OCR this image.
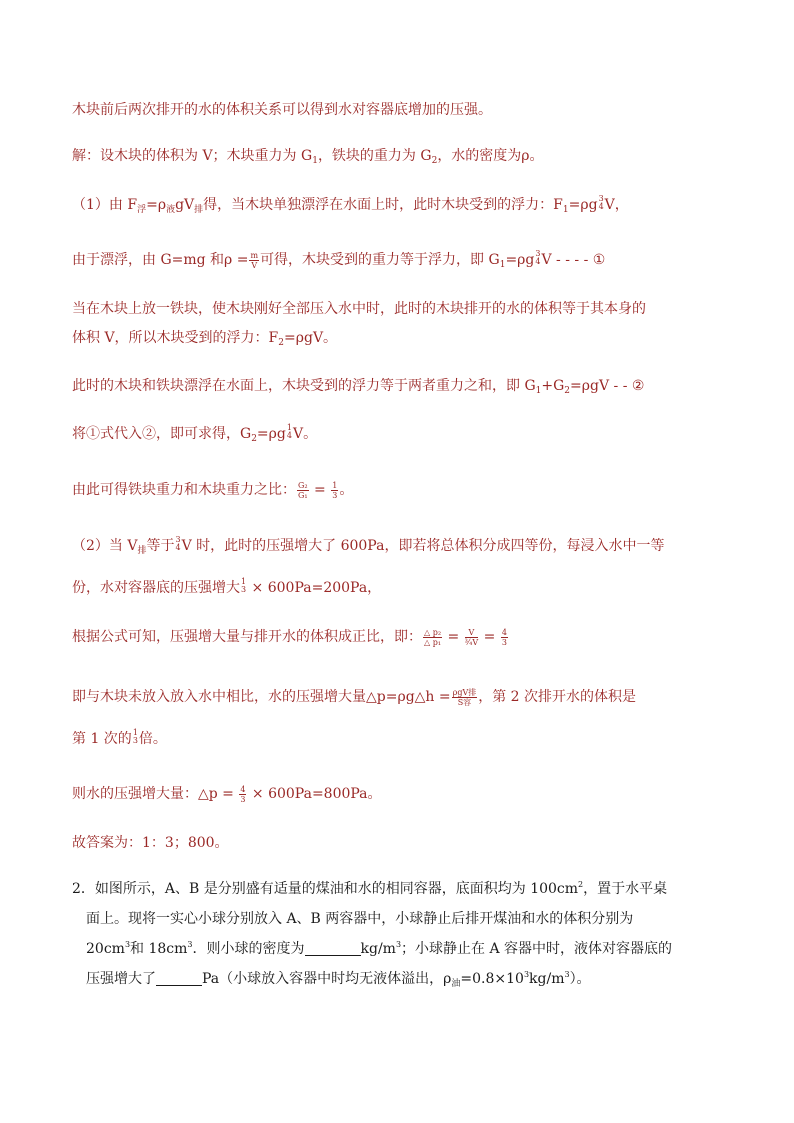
木块前后两次排开的水的体积关系可以得到水对容器底增加的压强。
解：设木块的体积为 V；木块重力为 $G_1$，铁块的重力为 $G_2$，水的密度为ρ。
（1）由 $F_浮=\rho_液gV_排$得，当木块单独漂浮在水面上时，此时木块受到的浮力：$F_1=\rho g$ 3
4 V，
由于漂浮，由 G=mg 和$\rho = \frac{m}{V}$ 可得，木块受到的重力等于浮力，即 $G_1=\rho g$ 3
4 V - - - - ①
当在木块上放一铁块，使木块刚好全部压入水中时，此时的木块排开的水的体积等于其本身的
体积 V，所以木块受到的浮力：$F_2=\rho gV$。
此时的木块和铁块漂浮在水面上，木块受到的浮力等于两者重力之和，即 $G_1+G_2=\rho gV$ - - ②
将①式代入②，即可求得，$G_2=\rho g$ 1
4 V。
由此可得铁块重力和木块重力之比： $\frac{\text{G₂}}{\text{G₁}} = \frac{1}{3}$ 。
（2）当 $V_排$等于 3
4 V 时，此时的压强增大了 600Pa，即若将总体积分成四等份，每浸入水中一等
份，水对容器底的压强增大 1
3 × 600Pa=200Pa，
根据公式可知，压强增大量与排开水的体积成正比，即： $\frac{\text{△ p₂}}{\text{△ p₁}} = \frac{V}{\text{¾V}} = \frac{4}{3}$
即与木块未放入放入水中相比，水的压强增大量△p=ρg△h = $\frac{\text{ρgV排}}{\text{S容}}$ ，第 2 次排开水的体积是
第 1 次的 1
3 倍。
则水的压强增大量：△p = $\frac{4}{3} \times 600Pa=800Pa$。
故答案为：1：3；800。
2．如图所示，A、B 是分别盛有适量的煤油和水的相同容器，底面积均为 $100cm^2$，置于水平桌
面上。现将一实心小球分别放入 A、B 两容器中，小球静止后排开煤油和水的体积分别为
$20cm^3$和 $18cm^3$．则小球的密度为	$kg/m^3$；小球静止在 A 容器中时，液体对容器底的
压强增大了	Pa（小球放入容器中时均无液体溢出，$\rho_油=0.8\times 10^3kg/m^3$）。
